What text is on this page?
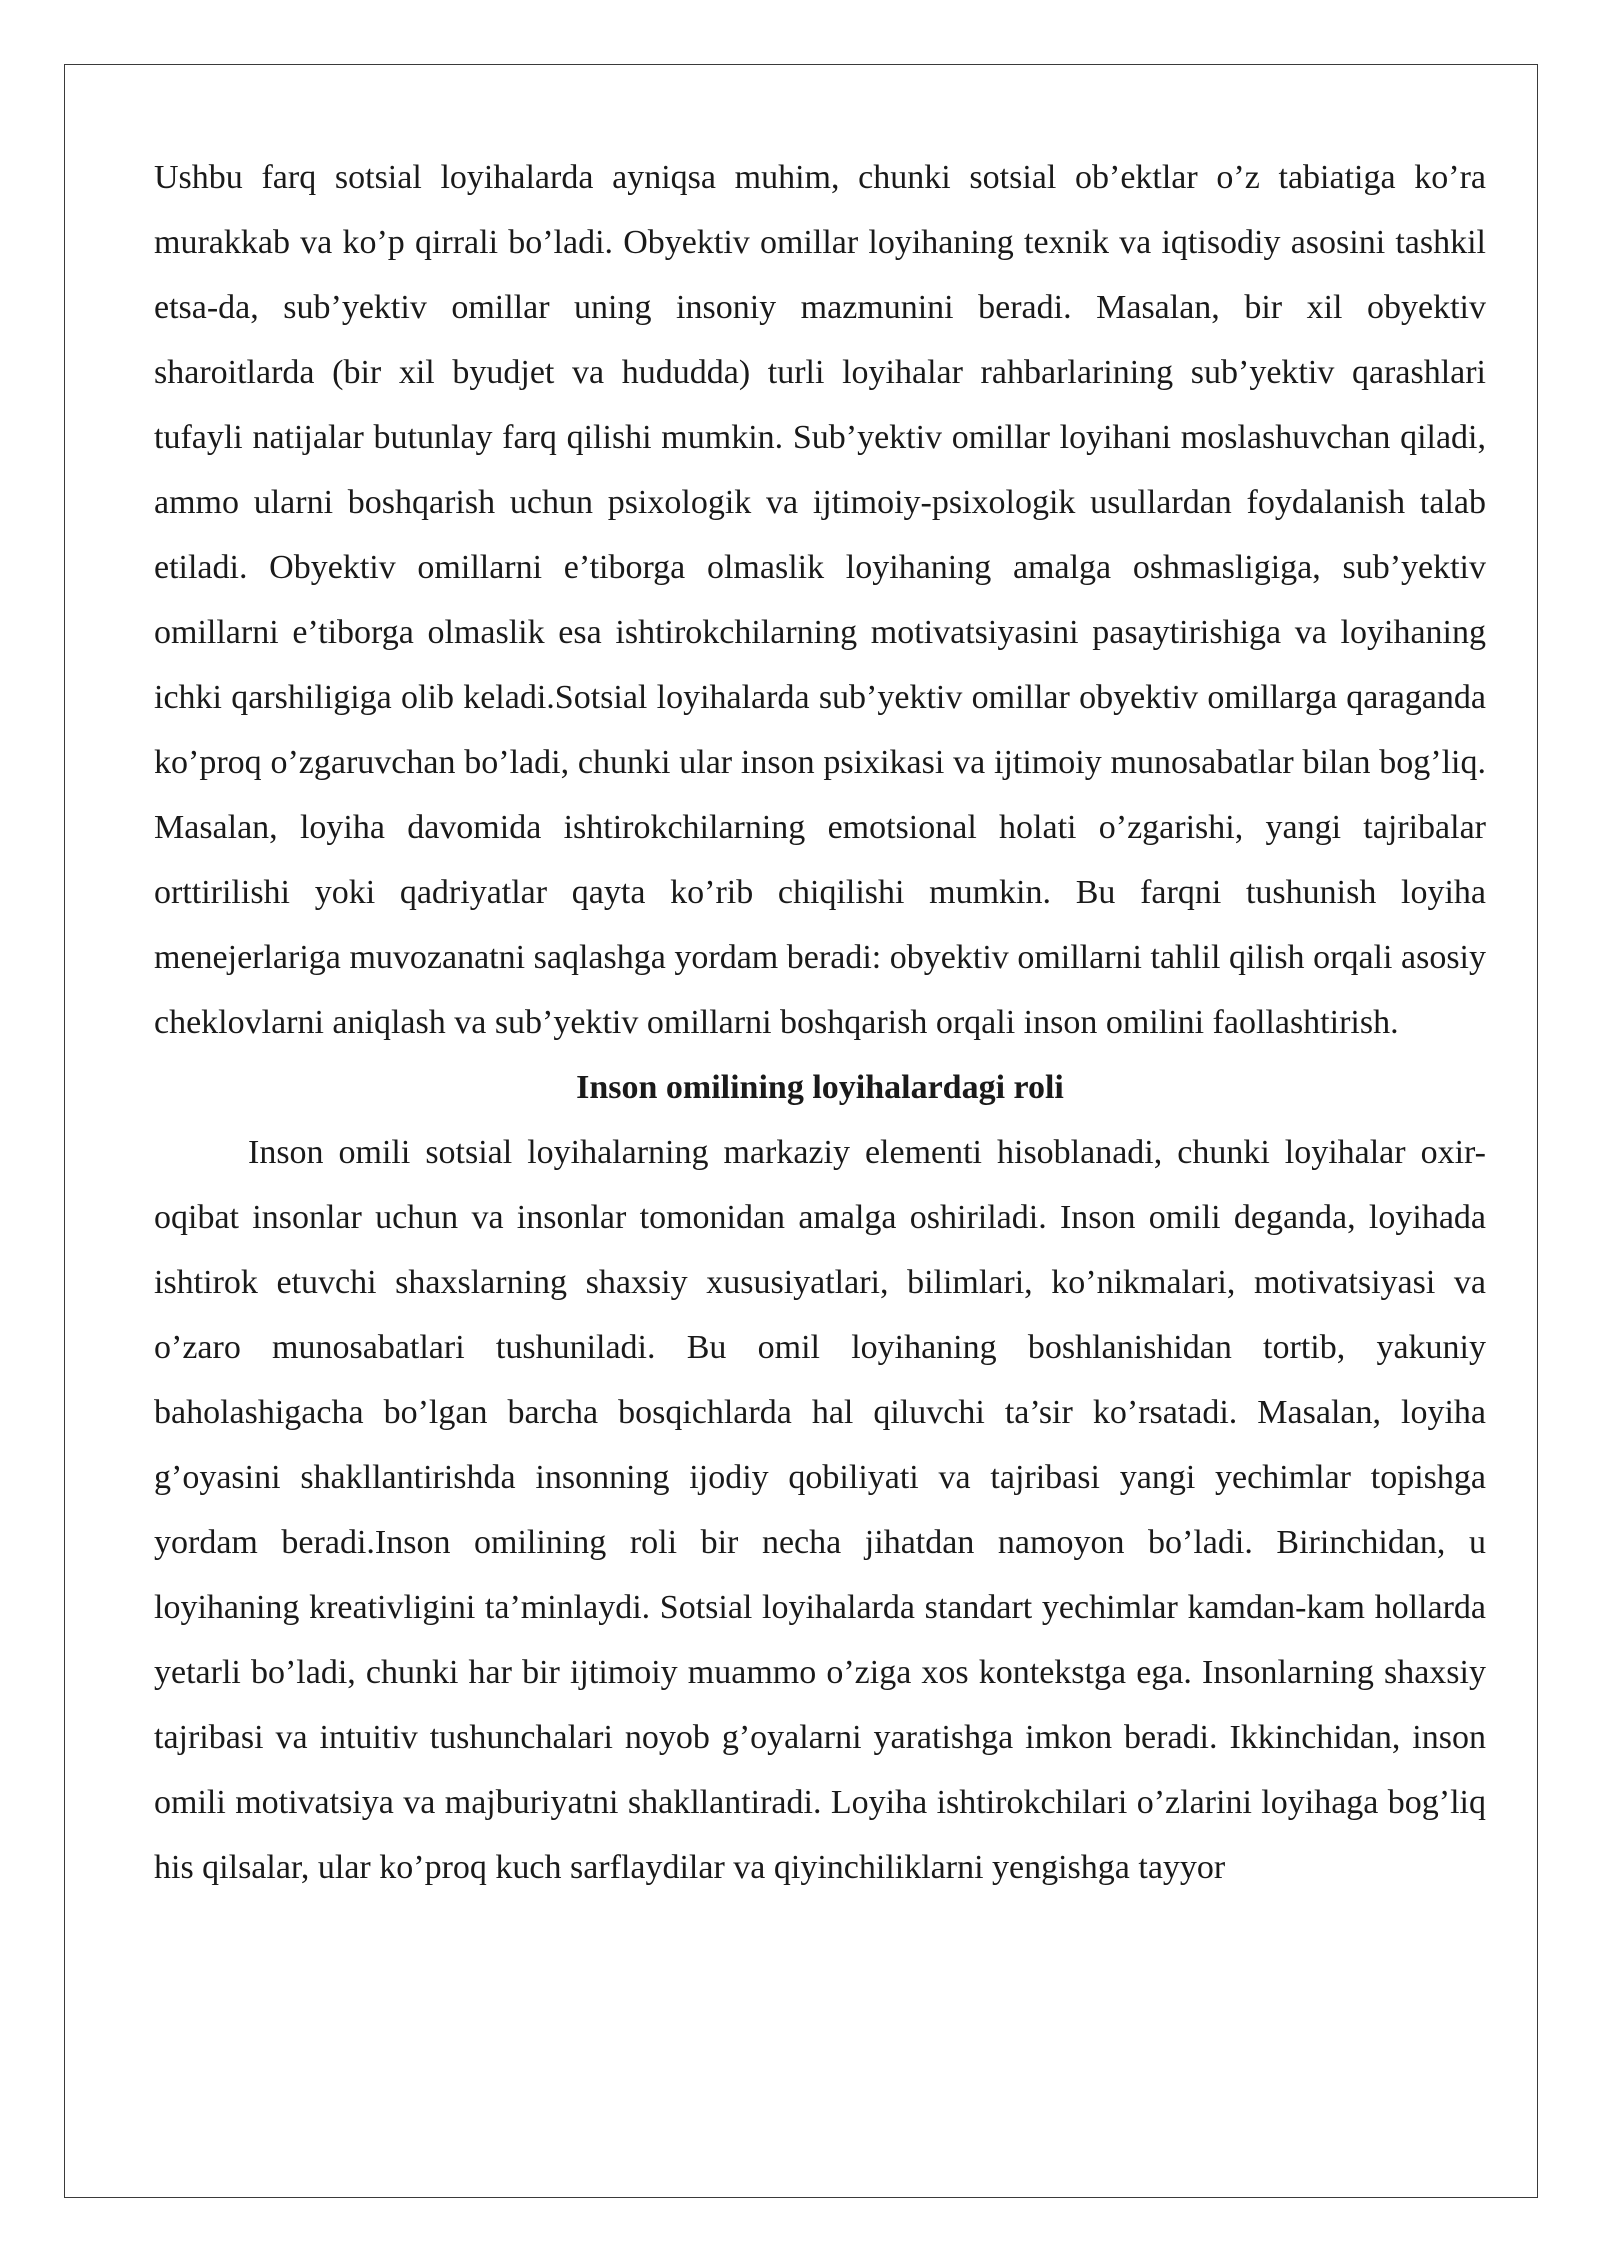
Ushbu farq sotsial loyihalarda ayniqsa muhim, chunki sotsial ob’ektlar o’z tabiatiga ko’ra murakkab va ko’p qirrali bo’ladi. Obyektiv omillar loyihaning texnik va iqtisodiy asosini tashkil etsa-da, sub’yektiv omillar uning insoniy mazmunini beradi. Masalan, bir xil obyektiv sharoitlarda (bir xil byudjet va hududda) turli loyihalar rahbarlarining sub’yektiv qarashlari tufayli natijalar butunlay farq qilishi mumkin. Sub’yektiv omillar loyihani moslashuvchan qiladi, ammo ularni boshqarish uchun psixologik va ijtimoiy-psixologik usullardan foydalanish talab etiladi. Obyektiv omillarni e’tiborga olmaslik loyihaning amalga oshmasligiga, sub’yektiv omillarni e’tiborga olmaslik esa ishtirokchilarning motivatsiyasini pasaytirishiga va loyihaning ichki qarshiligiga olib keladi.Sotsial loyihalarda sub’yektiv omillar obyektiv omillarga qaraganda ko’proq o’zgaruvchan bo’ladi, chunki ular inson psixikasi va ijtimoiy munosabatlar bilan bog’liq. Masalan, loyiha davomida ishtirokchilarning emotsional holati o’zgarishi, yangi tajribalar orttirilishi yoki qadriyatlar qayta ko’rib chiqilishi mumkin. Bu farqni tushunish loyiha menejerlariga muvozanatni saqlashga yordam beradi: obyektiv omillarni tahlil qilish orqali asosiy cheklovlarni aniqlash va sub’yektiv omillarni boshqarish orqali inson omilini faollashtirish.

Inson omilining loyihalardagi roli

Inson omili sotsial loyihalarning markaziy elementi hisoblanadi, chunki loyihalar oxir-oqibat insonlar uchun va insonlar tomonidan amalga oshiriladi. Inson omili deganda, loyihada ishtirok etuvchi shaxslarning shaxsiy xususiyatlari, bilimlari, ko’nikmalari, motivatsiyasi va o’zaro munosabatlari tushuniladi. Bu omil loyihaning boshlanishidan tortib, yakuniy baholashigacha bo’lgan barcha bosqichlarda hal qiluvchi ta’sir ko’rsatadi. Masalan, loyiha g’oyasini shakllantirishda insonning ijodiy qobiliyati va tajribasi yangi yechimlar topishga yordam beradi.Inson omilining roli bir necha jihatdan namoyon bo’ladi. Birinchidan, u loyihaning kreativligini ta’minlaydi. Sotsial loyihalarda standart yechimlar kamdan-kam hollarda yetarli bo’ladi, chunki har bir ijtimoiy muammo o’ziga xos kontekstga ega. Insonlarning shaxsiy tajribasi va intuitiv tushunchalari noyob g’oyalarni yaratishga imkon beradi. Ikkinchidan, inson omili motivatsiya va majburiyatni shakllantiradi. Loyiha ishtirokchilari o’zlarini loyihaga bog’liq his qilsalar, ular ko’proq kuch sarflaydilar va qiyinchiliklarni yengishga tayyor
